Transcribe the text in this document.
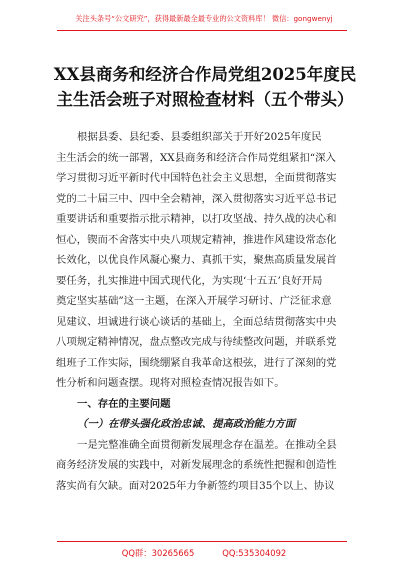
关注头条号“公文研究”，获得最新最全最专业的公文资料库！ 微信：gongwenyj
XX县商务和经济合作局党组2025年度民
主生活会班子对照检查材料（五个带头）
根据县委、县纪委、县委组织部关于开好2025年度民
主生活会的统一部署，XX县商务和经济合作局党组紧扣“深入
学习贯彻习近平新时代中国特色社会主义思想，全面贯彻落实
党的二十届三中、四中全会精神，深入贯彻落实习近平总书记
重要讲话和重要指示批示精神，以打攻坚战、持久战的决心和
恒心，锲而不舍落实中央八项规定精神，推进作风建设常态化
长效化，以优良作风凝心聚力、真抓干实，聚焦高质量发展首
要任务，扎实推进中国式现代化，为实现‘十五五’良好开局
奠定坚实基础”这一主题，在深入开展学习研讨、广泛征求意
见建议、坦诚进行谈心谈话的基础上，全面总结贯彻落实中央
八项规定精神情况，盘点整改完成与待续整改问题，并联系党
组班子工作实际，围绕绷紧自我革命这根弦，进行了深刻的党
性分析和问题查摆。现将对照检查情况报告如下。
一、存在的主要问题
（一）在带头强化政治忠诚、提高政治能力方面
一是完整准确全面贯彻新发展理念存在温差。在推动全县
商务经济发展的实践中，对新发展理念的系统性把握和创造性
落实尚有欠缺。面对2025年力争新签约项目35个以上、协议
QQ群：30265665	QQ:535304092
